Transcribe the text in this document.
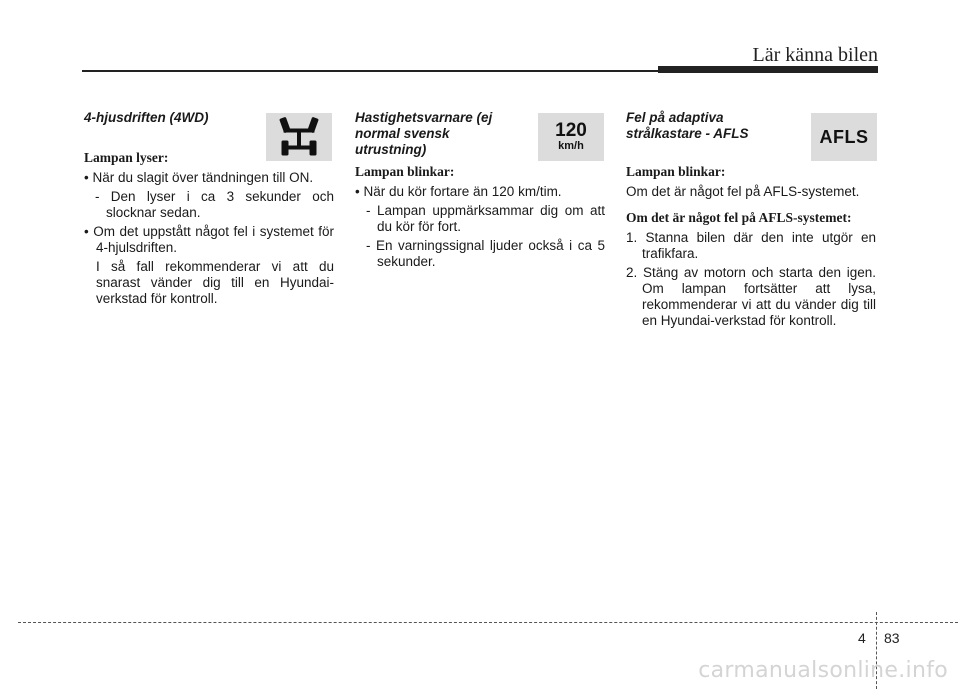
Lär känna bilen
4-hjusdriften (4WD)

Lampan lyser:

• När du slagit över tändningen till ON.

- Den lyser i ca 3 sekunder och slocknar sedan.

• Om det uppstått något fel i systemet för 4-hjulsdriften.

I så fall rekommenderar vi att du snarast vänder dig till en Hyundai-verkstad för kontroll.

120
km/h
Hastighetsvarnare (ej normal svensk utrustning)

Lampan blinkar:

• När du kör fortare än 120 km/tim.

- Lampan uppmärksammar dig om att du kör för fort.

- En varningssignal ljuder också i ca 5 sekunder.

AFLS
Fel på adaptiva strålkastare - AFLS

Lampan blinkar:

Om det är något fel på AFLS-systemet.

Om det är något fel på AFLS-systemet:

1. Stanna bilen där den inte utgör en trafikfara.

2. Stäng av motorn och starta den igen. Om lampan fortsätter att lysa, rekommenderar vi att du vänder dig till en Hyundai-verkstad för kontroll.

4 83
carmanualsonline.info
